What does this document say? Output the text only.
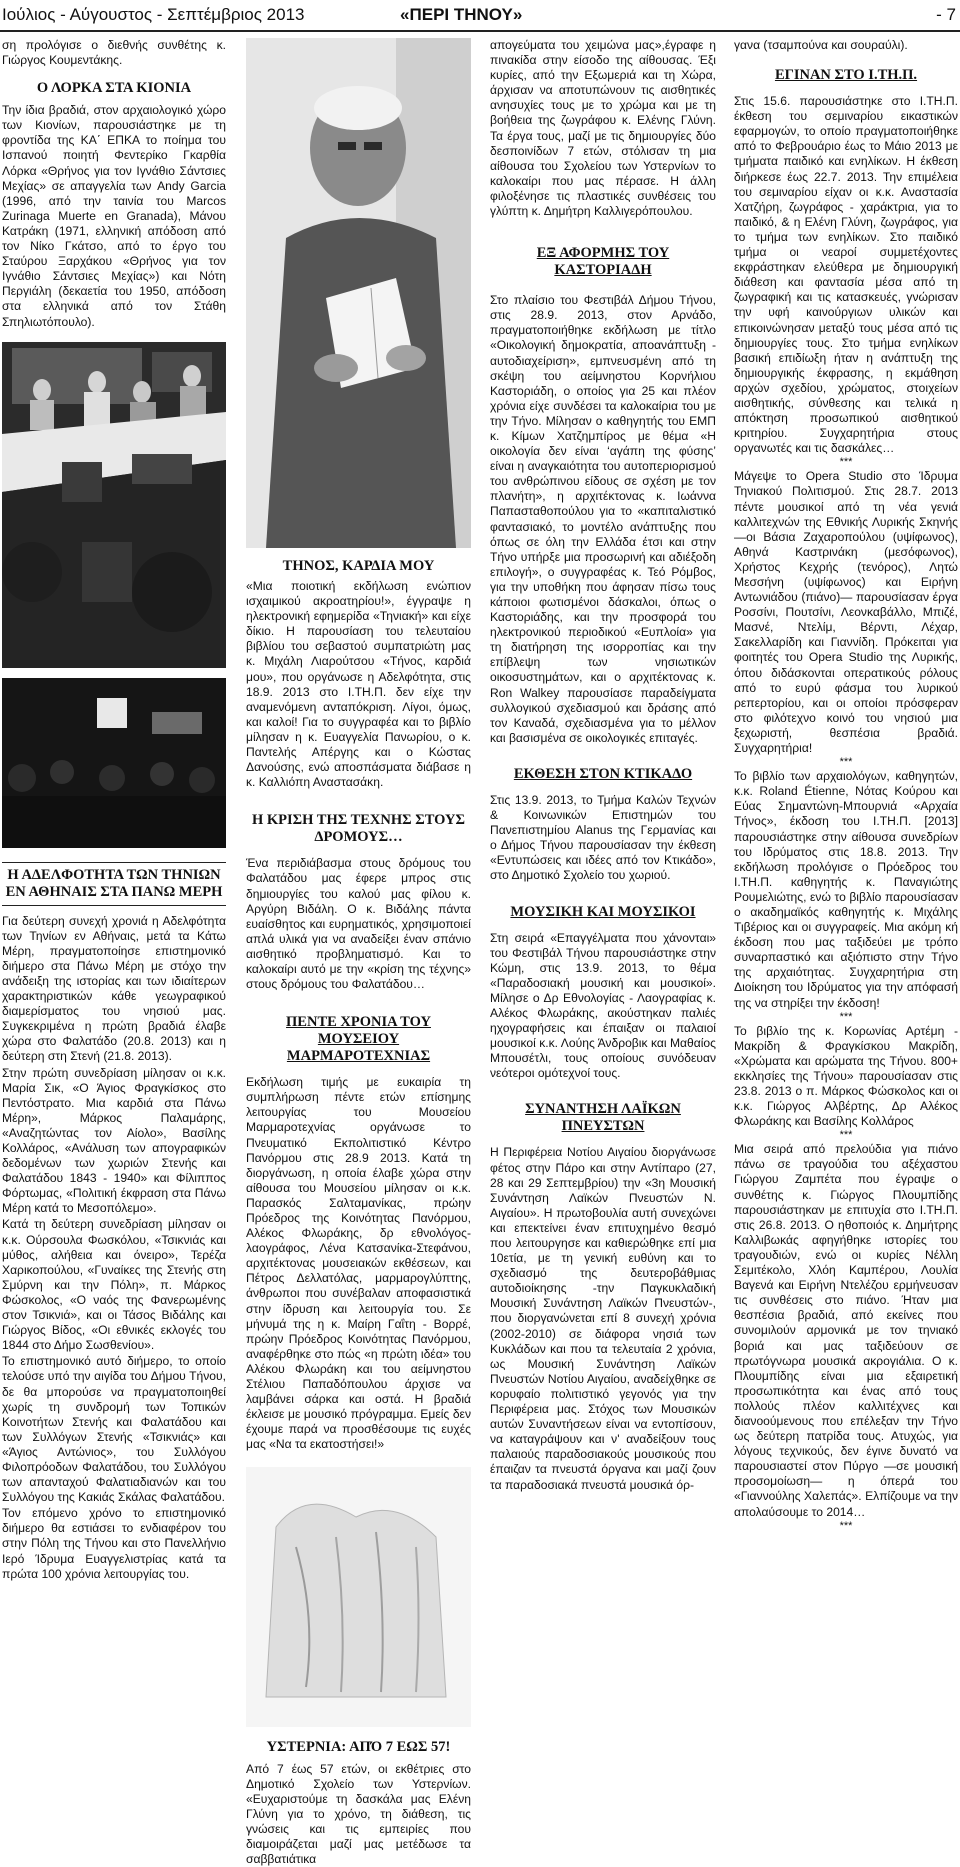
Ιούλιος - Αύγουστος - Σεπτέμβριος 2013	«ΠΕΡΙ ΤΗΝΟΥ»	- 7

ση προλόγισε ο διεθνής συνθέτης κ. Γιώργος Κουμεντάκης.

Ο ΛΟΡΚΑ ΣΤΑ ΚΙΟΝΙΑ

Την ίδια βραδιά, στον αρχαιολογικό χώρο των Κιονίων, παρουσιάστηκε με τη φροντίδα της ΚΑ΄ ΕΠΚΑ το ποίημα του Ισπανού ποιητή Φεντερίκο Γκαρθία Λόρκα «Θρήνος για τον Ιγνάθιο Σάντσιες Μεχίας» σε απαγγελία των Andy Garcia (1996, από την ταινία του Marcos Zurinaga Muerte en Granada), Μάνου Κατράκη (1971, ελληνική απόδοση από τον Νίκο Γκάτσο, από το έργο του Σταύρου Ξαρχάκου «Θρήνος για τον Ιγνάθιο Σάντσιες Μεχίας») και Νότη Περγιάλη (δεκαετία του 1950, απόδοση στα ελληνικά από τον Στάθη Σπηλιωτόπουλο).

Η ΑΔΕΛΦΟΤΗΤΑ ΤΩΝ ΤΗΝΙΩΝ ΕΝ ΑΘΗΝΑΙΣ ΣΤΑ ΠΑΝΩ ΜΕΡΗ

Για δεύτερη συνεχή χρονιά η Αδελφότητα των Τηνίων εν Αθήναις, μετά τα Κάτω Μέρη, πραγματοποίησε επιστημονικό διήμερο στα Πάνω Μέρη με στόχο την ανάδειξη της ιστορίας και των ιδιαίτερων χαρακτηριστικών κάθε γεωγραφικού διαμερίσματος του νησιού μας. Συγκεκριμένα η πρώτη βραδιά έλαβε χώρα στο Φαλατάδο (20.8. 2013) και η δεύτερη στη Στενή (21.8. 2013).

Στην πρώτη συνεδρίαση μίλησαν οι κ.κ. Μαρία Σικ, «Ο Άγιος Φραγκίσκος στο Πεντόστρατο. Μια καρδιά στα Πάνω Μέρη», Μάρκος Παλαμάρης, «Αναζητώντας τον Αίολο», Βασίλης Κολλάρος, «Ανάλυση των απογραφικών δεδομένων των χωριών Στενής και Φαλατάδου 1843 - 1940» και Φίλιππος Φόρτωμας, «Πολιτική έκφραση στα Πάνω Μέρη κατά το Μεσοπόλεμο».

Κατά τη δεύτερη συνεδρίαση μίλησαν οι κ.κ. Ούρσουλα Φωσκόλου, «Τσικνιάς και μύθος, αλήθεια και όνειρο», Τερέζα Χαρικοπούλου, «Γυναίκες της Στενής στη Σμύρνη και την Πόλη», π. Μάρκος Φώσκολος, «Ο ναός της Φανερωμένης στον Τσικνιά», και οι Τάσος Βιδάλης και Γιώργος Βίδος, «Οι εθνικές εκλογές του 1844 στο Δήμο Σωσθενίου».

Το επιστημονικό αυτό διήμερο, το οποίο τελούσε υπό την αιγίδα του Δήμου Τήνου, δε θα μπορούσε να πραγματοποιηθεί χωρίς τη συνδρομή των Τοπικών Κοινοτήτων Στενής και Φαλατάδου και των Συλλόγων Στενής «Τσικνιάς» και «Άγιος Αντώνιος», του Συλλόγου Φιλοπρόοδων Φαλατάδου, του Συλλόγου των απανταχού Φαλατιαδιανών και του Συλλόγου της Κακιάς Σκάλας Φαλατάδου.

Τον επόμενο χρόνο το επιστημονικό διήμερο θα εστιάσει το ενδιαφέρον του στην Πόλη της Τήνου και στο Πανελλήνιο Ιερό Ίδρυμα Ευαγγελιστρίας κατά τα πρώτα 100 χρόνια λειτουργίας του.

ΤΗΝΟΣ, ΚΑΡΔΙΑ ΜΟΥ

«Μια ποιοτική εκδήλωση ενώπιον ισχαιμικού ακροατηρίου!», έγγραψε η ηλεκτρονική εφημερίδα «Τηνιακή» και είχε δίκιο. Η παρουσίαση του τελευταίου βιβλίου του σεβαστού συμπατριώτη μας κ. Μιχάλη Λιαρούτσου «Τήνος, καρδιά μου», που οργάνωσε η Αδελφότητα, στις 18.9. 2013 στο Ι.ΤΗ.Π. δεν είχε την αναμενόμενη ανταπόκριση. Λίγοι, όμως, και καλοί! Για το συγγραφέα και το βιβλίο μίλησαν η κ. Ευαγγελία Πανωρίου, ο κ. Παντελής Απέργης και ο Κώστας Δανούσης, ενώ αποσπάσματα διάβασε η κ. Καλλιόπη Αναστασάκη.

Η ΚΡΙΣΗ ΤΗΣ ΤΕΧΝΗΣ ΣΤΟΥΣ ΔΡΟΜΟΥΣ…

Ένα περιδιάβασμα στους δρόμους του Φαλατάδου μας έφερε μπρος στις δημιουργίες του καλού μας φίλου κ. Αργύρη Βιδάλη. Ο κ. Βιδάλης πάντα ευαίσθητος και ευρηματικός, χρησιμοποιεί απλά υλικά για να αναδείξει έναν σπάνιο αισθητικό προβληματισμό. Και το καλοκαίρι αυτό με την «κρίση της τέχνης» στους δρόμους του Φαλατάδου…

ΠΕΝΤΕ ΧΡΟΝΙΑ ΤΟΥ ΜΟΥΣΕΙΟΥ ΜΑΡΜΑΡΟΤΕΧΝΙΑΣ

Εκδήλωση τιμής με ευκαιρία τη συμπλήρωση πέντε ετών επίσημης λειτουργίας του Μουσείου Μαρμαροτεχνίας οργάνωσε το Πνευματικό Εκπολιτιστικό Κέντρο Πανόρμου στις 28.9 2013. Κατά τη διοργάνωση, η οποία έλαβε χώρα στην αίθουσα του Μουσείου μίλησαν οι κ.κ. Παρασκός Σαλταμανίκας, πρώην Πρόεδρος της Κοινότητας Πανόρμου, Αλέκος Φλωράκης, δρ εθνολόγος-λαογράφος, Λένα Κατσανίκα-Στεφάνου, αρχιτέκτονας μουσειακών εκθέσεων, και Πέτρος Δελλατόλας, μαρμαρογλύπτης, άνθρωποι που συνέβαλαν αποφασιστικά στην ίδρυση και λειτουργία του. Σε μήνυμά της η κ. Μαίρη Γαΐτη - Βορρέ, πρώην Πρόεδρος Κοινότητας Πανόρμου, αναφέρθηκε στο πώς «η πρώτη ιδέα» του Αλέκου Φλωράκη και του αείμνηστου Στέλιου Παπαδόπουλου άρχισε να λαμβάνει σάρκα και οστά. Η βραδιά έκλεισε με μουσικό πρόγραμμα. Εμείς δεν έχουμε παρά να προσθέσουμε τις ευχές μας «Να τα εκατοστήσει!»

ΥΣΤΕΡΝΙΑ: ΑΠΌ 7 ΕΩΣ 57!

Από 7 έως 57 ετών, οι εκθέτριες στο Δημοτικό Σχολείο των Υστερνίων. «Ευχαριστούμε τη δασκάλα μας Ελένη Γλύνη για το χρόνο, τη διάθεση, τις γνώσεις και τις εμπειρίες που διαμοιράζεται μαζί μας μετέδωσε τα σαββατιάτικα

απογεύματα του χειμώνα μας»,έγραφε η πινακίδα στην είσοδο της αίθουσας. Έξι κυρίες, από την Εξωμεριά και τη Χώρα, άρχισαν να αποτυπώνουν τις αισθητικές ανησυχίες τους με το χρώμα και με τη βοήθεια της ζωγράφου κ. Ελένης Γλύνη. Τα έργα τους, μαζί με τις δημιουργίες δύο δεσποινίδων 7 ετών, στόλισαν τη μια αίθουσα του Σχολείου των Υστερνίων το καλοκαίρι που μας πέρασε. Η άλλη φιλοξένησε τις πλαστικές συνθέσεις του γλύπτη κ. Δημήτρη Καλλιγερόπουλου.

ΕΞ ΑΦΟΡΜΗΣ ΤΟΥ ΚΑΣΤΟΡΙΑΔΗ

Στο πλαίσιο του Φεστιβάλ Δήμου Τήνου, στις 28.9. 2013, στον Αρνάδο, πραγματοποιήθηκε εκδήλωση με τίτλο «Οικολογική δημοκρατία, αποανάπτυξη - αυτοδιαχείριση», εμπνευσμένη από τη σκέψη του αείμνηστου Κορνήλιου Καστοριάδη, ο οποίος για 25 και πλέον χρόνια είχε συνδέσει τα καλοκαίρια του με την Τήνο. Μίλησαν ο καθηγητής του ΕΜΠ κ. Κίμων Χατζημπίρος με θέμα «Η οικολογία δεν είναι ‘αγάπη της φύσης’ είναι η αναγκαιότητα του αυτοπεριορισμού του ανθρώπινου είδους σε σχέση με τον πλανήτη», η αρχιτέκτονας κ. Ιωάννα Παπασταθοπούλου για το «καπιταλιστικό φαντασιακό, το μοντέλο ανάπτυξης που όπως σε όλη την Ελλάδα έτσι και στην Τήνο υπήρξε μια προσωρινή και αδιέξοδη επιλογή», ο συγγραφέας κ. Τεό Ρόμβος, για την υποθήκη που άφησαν πίσω τους κάποιοι φωτισμένοι δάσκαλοι, όπως ο Καστοριάδης, και την προσφορά του ηλεκτρονικού περιοδικού «Ευπλοία» για τη διατήρηση της ισορροπίας και την επίβλεψη των νησιωτικών οικοσυστημάτων, και ο αρχιτέκτονας κ. Ron Walkey παρουσίασε παραδείγματα συλλογικού σχεδιασμού και δράσης από τον Καναδά, σχεδιασμένα για το μέλλον και βασισμένα σε οικολογικές επιταγές.

ΕΚΘΕΣΗ ΣΤΟΝ ΚΤΙΚΑΔΟ

Στις 13.9. 2013, το Τμήμα Καλών Τεχνών & Κοινωνικών Επιστημών του Πανεπιστημίου Alanus της Γερμανίας και ο Δήμος Τήνου παρουσίασαν την έκθεση «Εντυπώσεις και ιδέες από τον Κτικάδο», στο Δημοτικό Σχολείο του χωριού.

ΜΟΥΣΙΚΗ ΚΑΙ ΜΟΥΣΙΚΟΙ

Στη σειρά «Επαγγέλματα που χάνονται» του Φεστιβάλ Τήνου παρουσιάστηκε στην Κώμη, στις 13.9. 2013, το θέμα «Παραδοσιακή μουσική και μουσικοί». Μίλησε ο Δρ Εθνολογίας - Λαογραφίας κ. Αλέκος Φλωράκης, ακούστηκαν παλιές ηχογραφήσεις και έπαιξαν οι παλαιοί μουσικοί κ.κ. Λούης Άνδροβικ και Μαθαίος Μπουσέτλι, τους οποίους συνόδευαν νεότεροι ομότεχνοί τους.

ΣΥΝΑΝΤΗΣΗ ΛΑΪΚΩΝ ΠΝΕΥΣΤΩΝ

Η Περιφέρεια Νοτίου Αιγαίου διοργάνωσε φέτος στην Πάρο και στην Αντίπαρο (27, 28 και 29 Σεπτεμβρίου) την «3η Μουσική Συνάντηση Λαϊκών Πνευστών Ν. Αιγαίου». Η πρωτοβουλία αυτή συνεχώνει και επεκτείνει έναν επιτυχημένο θεσμό που λειτουργησε και καθιερώθηκε επί μια 10ετία, με τη γενική ευθύνη και το σχεδιασμό της δευτεροβάθμιας αυτοδιοίκησης -την Παγκυκλαδική Μουσική Συνάντηση Λαϊκών Πνευστών-, που διοργανώνεται επί 8 συνεχή χρόνια (2002-2010) σε διάφορα νησιά των Κυκλάδων και που τα τελευταία 2 χρόνια, ως Μουσική Συνάντηση Λαϊκών Πνευστών Νοτίου Αιγαίου, αναδείχθηκε σε κορυφαίο πολιτιστικό γεγονός για την Περιφέρεια μας. Στόχος των Μουσικών αυτών Συναντήσεων είναι να εντοπίσουν, να καταγράψουν και ν' αναδείξουν τους παλαιούς παραδοσιακούς μουσικούς που έπαιζαν τα πνευστά όργανα και μαζί ζουν τα παραδοσιακά πνευστά μουσικά όρ-

γανα (τσαμπούνα και σουραύλι).

ΕΓΙΝΑΝ ΣΤΟ Ι.ΤΗ.Π.

Στις 15.6. παρουσιάστηκε στο Ι.ΤΗ.Π. έκθεση του σεμιναρίου εικαστικών εφαρμογών, το οποίο πραγματοποιήθηκε από το Φεβρουάριο έως το Μάιο 2013 με τμήματα παιδικό και ενηλίκων. Η έκθεση διήρκεσε έως 22.7. 2013. Την επιμέλεια του σεμιναρίου είχαν οι κ.κ. Αναστασία Χατζήρη, ζωγράφος - χαράκτρια, για το παιδικό, & η Ελένη Γλύνη, ζωγράφος, για το τμήμα των ενηλίκων. Στο παιδικό τμήμα οι νεαροί συμμετέχοντες εκφράστηκαν ελεύθερα με δημιουργική διάθεση και φαντασία μέσα από τη ζωγραφική και τις κατασκευές, γνώρισαν την υφή καινούργιων υλικών και επικοινώνησαν μεταξύ τους μέσα από τις δημιουργίες τους. Στο τμήμα ενηλίκων βασική επιδίωξη ήταν η ανάπτυξη της δημιουργικής έκφρασης, η εκμάθηση αρχών σχεδίου, χρώματος, στοιχείων αισθητικής, σύνθεσης και τελικά η απόκτηση προσωπικού αισθητικού κριτηρίου. Συγχαρητήρια στους οργανωτές και τις δασκάλες…

***

Μάγεψε το Opera Studio στο Ίδρυμα Τηνιακού Πολιτισμού. Στις 28.7. 2013 πέντε μουσικοί από τη νέα γενιά καλλιτεχνών της Εθνικής Λυρικής Σκηνής —οι Βάσια Ζαχαροπούλου (υψίφωνος), Αθηνά Καστρινάκη (μεσόφωνος), Χρήστος Κεχρής (τενόρος), Λητώ Μεσσήνη (υψίφωνος) και Ειρήνη Αντωνιάδου (πιάνο)— παρουσίασαν έργα Ροσσίνι, Πουτσίνι, Λεονκαβάλλο, Μπιζέ, Μασνέ, Ντελίμ, Βέρντι, Λέχαρ, Σακελλαρίδη και Γιαννίδη. Πρόκειται για φοιτητές του Opera Studio της Λυρικής, όπου διδάσκονται οπερατικούς ρόλους από το ευρύ φάσμα του λυρικού ρεπερτορίου, και οι οποίοι πρόσφεραν στο φιλότεχνο κοινό του νησιού μια ξεχωριστή, θεσπέσια βραδιά. Συγχαρητήρια!

***

Το βιβλίο των αρχαιολόγων, καθηγητών, κ.κ. Roland Étienne, Νότας Κούρου και Εύας Σημαντώνη-Μπουρνιά «Αρχαία Τήνος», έκδοση του Ι.ΤΗ.Π. [2013] παρουσιάστηκε στην αίθουσα συνεδρίων του Ιδρύματος στις 18.8. 2013. Την εκδήλωση προλόγισε ο Πρόεδρος του Ι.ΤΗ.Π. καθηγητής κ. Παναγιώτης Ρουμελιώτης, ενώ το βιβλίο παρουσίασαν ο ακαδημαϊκός καθηγητής κ. Μιχάλης Τιβέριος και οι συγγραφείς. Μια ακόμη κή έκδοση που μας ταξιδεύει με τρόπο συναρπαστικό και αξιόπιστο στην Τήνο της αρχαιότητας. Συγχαρητήρια στη Διοίκηση του Ιδρύματος για την απόφασή της να στηρίξει την έκδοση!

***

Το βιβλίο της κ. Κορωνίας Αρτέμη - Μακρίδη & Φραγκίσκου Μακρίδη, «Χρώματα και αρώματα της Τήνου. 800+ εκκλησίες της Τήνου» παρουσίασαν στις 23.8. 2013 ο π. Μάρκος Φώσκολος και οι κ.κ. Γιώργος Αλβέρτης, Δρ Αλέκος Φλωράκης και Βασίλης Κολλάρος

***

Μια σειρά από πρελούδια για πιάνο πάνω σε τραγούδια του αξέχαστου Γιώργου Ζαμπέτα που έγραψε ο συνθέτης κ. Γιώργος Πλουμπίδης παρουσιάστηκαν με επιτυχία στο Ι.ΤΗ.Π. στις 26.8. 2013. Ο ηθοποιός κ. Δημήτρης Καλλιβωκάς αφηγήθηκε ιστορίες του τραγουδιών, ενώ οι κυρίες Νέλλη Σεμιτέκολο, Χλόη Καμπέρου, Λουλία Βαγενά και Ειρήνη Ντελέζου ερμήνευσαν τις συνθέσεις στο πιάνο. Ήταν μια θεσπέσια βραδιά, από εκείνες που συνομιλούν αρμονικά με τον τηνιακό βοριά και μας ταξιδεύουν σε πρωτόγνωρα μουσικά ακρογιάλια. Ο κ. Πλουμπίδης είναι μια εξαιρετική προσωπικότητα και ένας από τους πολλούς πλέον καλλιτέχνες και διανοούμενους που επέλεξαν την Τήνο ως δεύτερη πατρίδα τους. Ατυχώς, για λόγους τεχνικούς, δεν έγινε δυνατό να παρουσιαστεί στον Πύργο —σε μουσική προσομοίωση— η όπερά του «Γιαννούλης Χαλεπάς». Ελπίζουμε να την απολαύσουμε το 2014…

***
